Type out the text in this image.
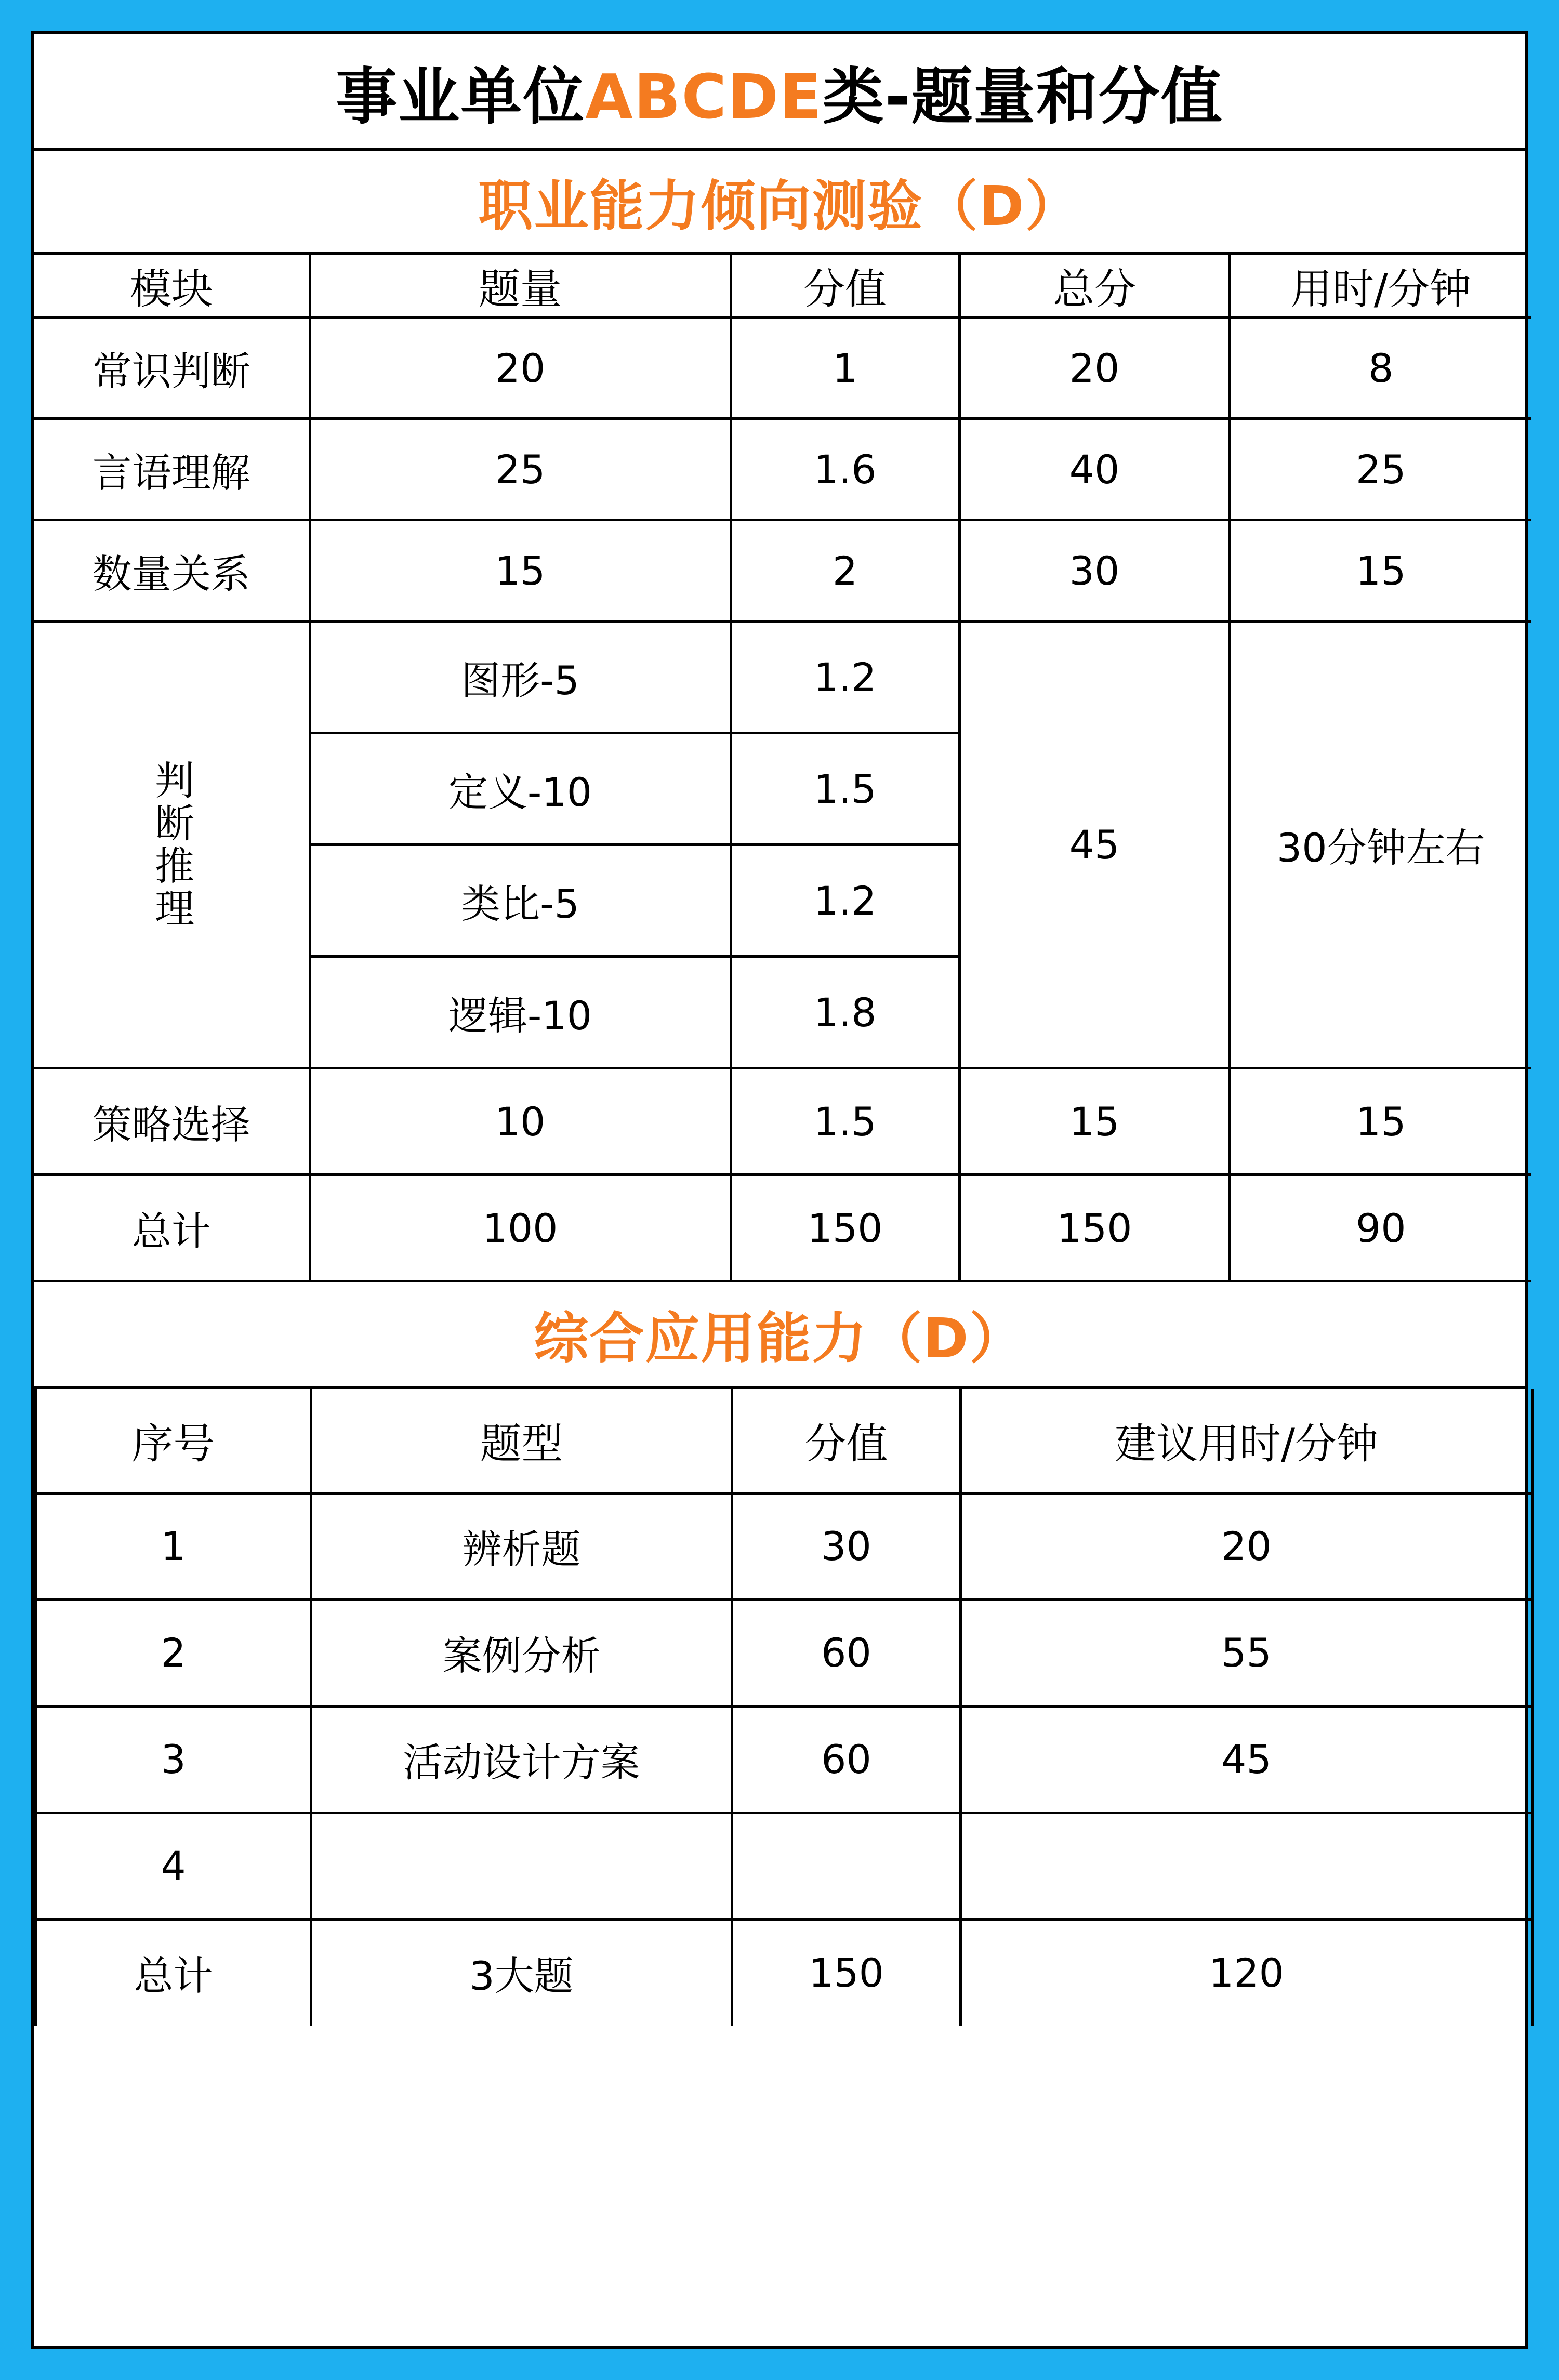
事业单位ABCDE类-题量和分值
职业能力倾向测验（D）
模块	题量	分值	总分	用时/分钟
常识判断	20	1	20	8
言语理解	25	1.6	40	25
数量关系	15	2	30	15
判断推理	图形-5	1.2	45	30分钟左右
	定义-10	1.5		
	类比-5	1.2		
	逻辑-10	1.8		
策略选择	10	1.5	15	15
总计	100	150	150	90
综合应用能力（D）
序号	题型	分值	建议用时/分钟
1	辨析题	30	20
2	案例分析	60	55
3	活动设计方案	60	45
4			
总计	3大题	150	120
